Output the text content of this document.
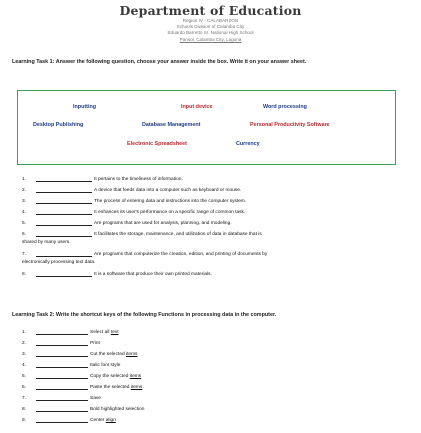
Department of Education
Region IV - CALABARZON
Schools Division of Calamba City
Eduardo Barretto Sr. National High School
Pansol, Calamba City, Laguna
Learning Task 1: Answer the following question, choose your answer inside the box. Write it on your answer sheet.
Inputting	Input device	Word processing
Desktop Publishing	Database Management	Personal Productivity Software
Electronic Spreadsheet	Currency
1.	It pertains to the timeliness of information.
2.	A device that feeds data into a computer such as keyboard or mouse.
3.	The process of entering data and instructions into the computer system.
4.	It enhances its user's performance on a specific range of common task.
5.	Are programs that are used for analysis, planning, and modeling.
6.	It facilitates the storage, maintenance, and utilization of data in database that is
shared by many users.
7.	Are programs that computerize the creation, edition, and printing of documents by
electronically processing text data.
8.	It is a software that produce their own printed materials.
Learning Task 2: Write the shortcut keys of the following Functions in processing data in the computer.
1.	Select all text
2.	Print
3.	Cut the selected items
4.	Italic font style
5.	Copy the selected items
6.	Paste the selected items
7.	Save
8.	Bold highlighted selection
9.	Center align
